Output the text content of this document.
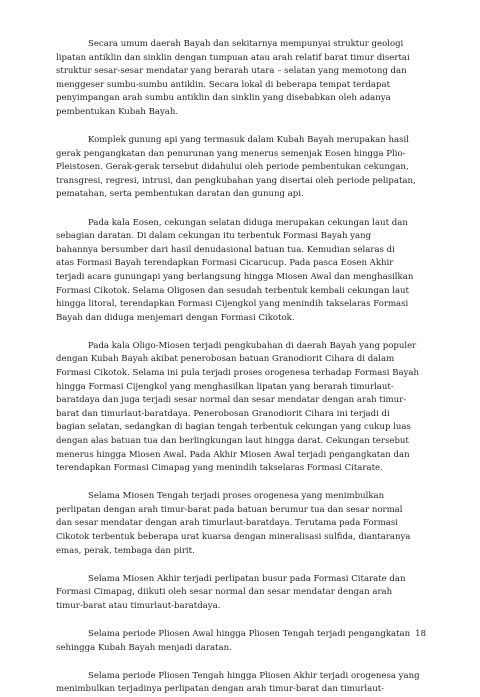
Secara umum daerah Bayah dan sekitarnya mempunyai struktur geologi
lipatan antiklin dan sinklin dengan tumpuan atau arah relatif barat timur disertai
struktur sesar-sesar mendatar yang berarah utara – selatan yang memotong dan
menggeser sumbu-sumbu antiklin. Secara lokal di beberapa tempat terdapat
penyimpangan arah sumbu antiklin dan sinklin yang disebabkan oleh adanya
pembentukan Kubah Bayah.

Komplek gunung api yang termasuk dalam Kubah Bayah merupakan hasil
gerak pengangkatan dan penurunan yang menerus semenjak Eosen hingga Plio-
Pleistosen. Gerak-gerak tersebut didahului oleh periode pembentukan cekungan,
transgresi, regresi, intrusi, dan pengkubahan yang disertai oleh periode pelipatan,
pematahan, serta pembentukan daratan dan gunung api.

Pada kala Eosen, cekungan selatan diduga merupakan cekungan laut dan
sebagian daratan. Di dalam cekungan itu terbentuk Formasi Bayah yang
bahannya bersumber dari hasil denudasional batuan tua. Kemudian selaras di
atas Formasi Bayah terendapkan Formasi Cicarucup. Pada pasca Eosen Akhir
terjadi acara gunungapi yang berlangsung hingga Miosen Awal dan menghasilkan
Formasi Cikotok. Selama Oligosen dan sesudah terbentuk kembali cekungan laut
hingga litoral, terendapkan Formasi Cijengkol yang menindih takselaras Formasi
Bayah dan diduga menjemari dengan Formasi Cikotok.

Pada kala Oligo-Miosen terjadi pengkubahan di daerah Bayah yang populer
dengan Kubah Bayah akibat penerobosan batuan Granodiorit Cihara di dalam
Formasi Cikotok. Selama ini pula terjadi proses orogenesa terhadap Formasi Bayah
hingga Formasi Cijengkol yang menghasilkan lipatan yang berarah timurlaut-
baratdaya dan juga terjadi sesar normal dan sesar mendatar dengan arah timur-
barat dan timurlaut-baratdaya. Penerobosan Granodiorit Cihara ini terjadi di
bagian selatan, sedangkan di bagian tengah terbentuk cekungan yang cukup luas
dengan alas batuan tua dan berlingkungan laut hingga darat. Cekungan tersebut
menerus hingga Miosen Awal. Pada Akhir Miosen Awal terjadi pengangkatan dan
terendapkan Formasi Cimapag yang menindih takselaras Formasi Citarate.

Selama Miosen Tengah terjadi proses orogenesa yang menimbulkan
perlipatan dengan arah timur-barat pada batuan berumur tua dan sesar normal
dan sesar mendatar dengan arah timurlaut-baratdaya. Terutama pada Formasi
Cikotok terbentuk beberapa urat kuarsa dengan mineralisasi sulfida, diantaranya
emas, perak, tembaga dan pirit.

Selama Miosen Akhir terjadi perlipatan busur pada Formasi Citarate dan
Formasi Cimapag, diikuti oleh sesar normal dan sesar mendatar dengan arah
timur-barat atau timurlaut-baratdaya.

Selama periode Pliosen Awal hingga Pliosen Tengah terjadi pengangkatan
sehingga Kubah Bayah menjadi daratan.

Selama periode Pliosen Tengah hingga Pliosen Akhir terjadi orogenesa yang
menimbulkan terjadinya perlipatan dengan arah timur-barat dan timurlaut-

18
